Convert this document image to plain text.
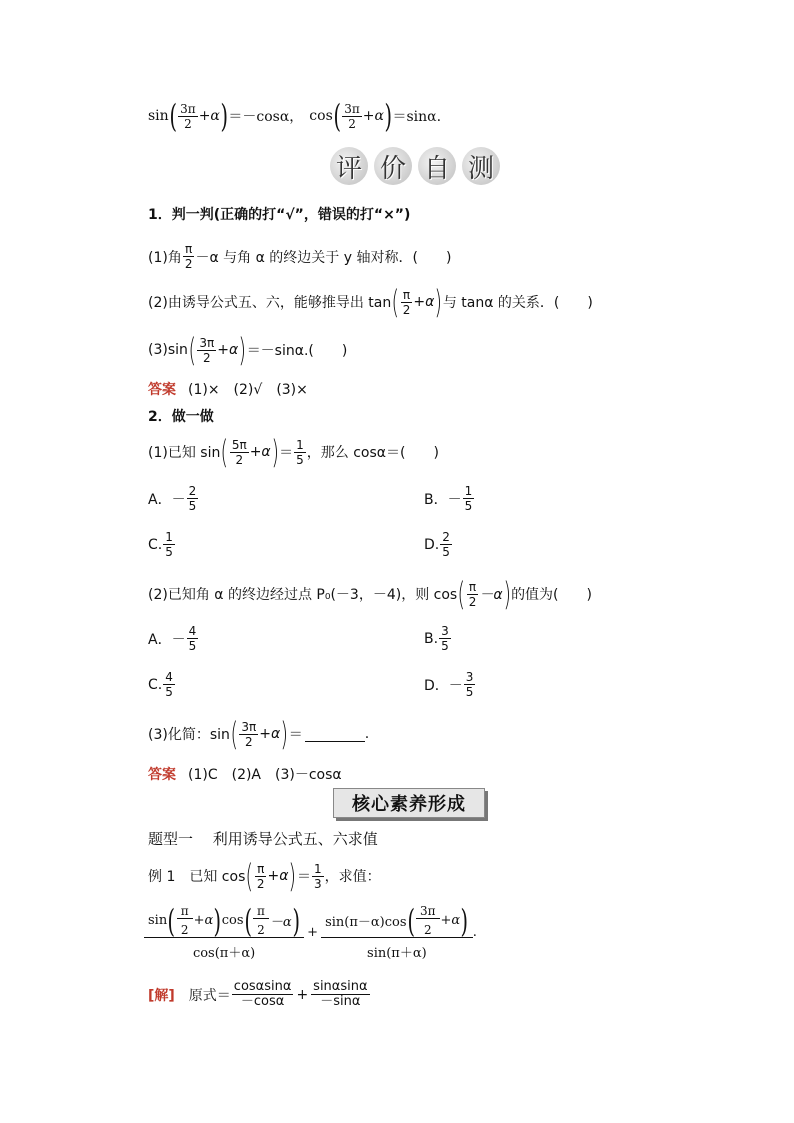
sin ( $\frac{3\pi}{2} +\alpha$ ) ＝－cosα， cos ( $\frac{3\pi}{2} +\alpha$ ) ＝sinα.
评 价 自 测
1．判一判(正确的打“√”，错误的打“×”)
(1)角 $\frac{\pi}{2} -\alpha$ 与角 α 的终边关于 y 轴对称．(　　)
(2)由诱导公式五、六，能够推导出 tan ( $\frac{\pi}{2} +\alpha$ ) 与 tanα 的关系．(　　)
(3)sin ( $\frac{3\pi}{2} +\alpha$ ) ＝－sinα.(　　)
答案 (1)×　(2)√　(3)×
2．做一做
(1)已知 sin ( $\frac{5\pi}{2} +\alpha$ ) ＝ $\frac{1}{5}$ ，那么 cosα＝(　　)
A．－ $\frac{2}{5}$	B．－ $\frac{1}{5}$
C. $\frac{1}{5}$	D. $\frac{2}{5}$
(2)已知角 α 的终边经过点 P₀(－3，－4)，则 cos ( $\frac{\pi}{2} -\alpha$ ) 的值为(　　)
A．－ $\frac{4}{5}$	B. $\frac{3}{5}$
C. $\frac{4}{5}$	D．－ $\frac{3}{5}$
(3)化简：sin ( $\frac{3\pi}{2} +\alpha$ ) ＝	.
答案 (1)C　(2)A　(3)－cosα
核心素养形成
题型一　 利用诱导公式五、六求值
例 1　已知 cos ( $\frac{\pi}{2} +\alpha$ ) ＝ $\frac{1}{3}$ ，求值：
sin ( $\frac{\pi}{2} +\alpha$ ) cos ( $\frac{\pi}{2} -\alpha$ )
cos(π＋α)
+ $\frac{\sin(\pi-\alpha)\cos ( \frac{3\pi}{2} +\alpha )}{\sin(\pi+\alpha)}$ .
[解] 　原式＝ $\frac{\cos\alpha\sin\alpha}{-\cos\alpha} + \frac{\sin\alpha\sin\alpha}{-\sin\alpha}$
